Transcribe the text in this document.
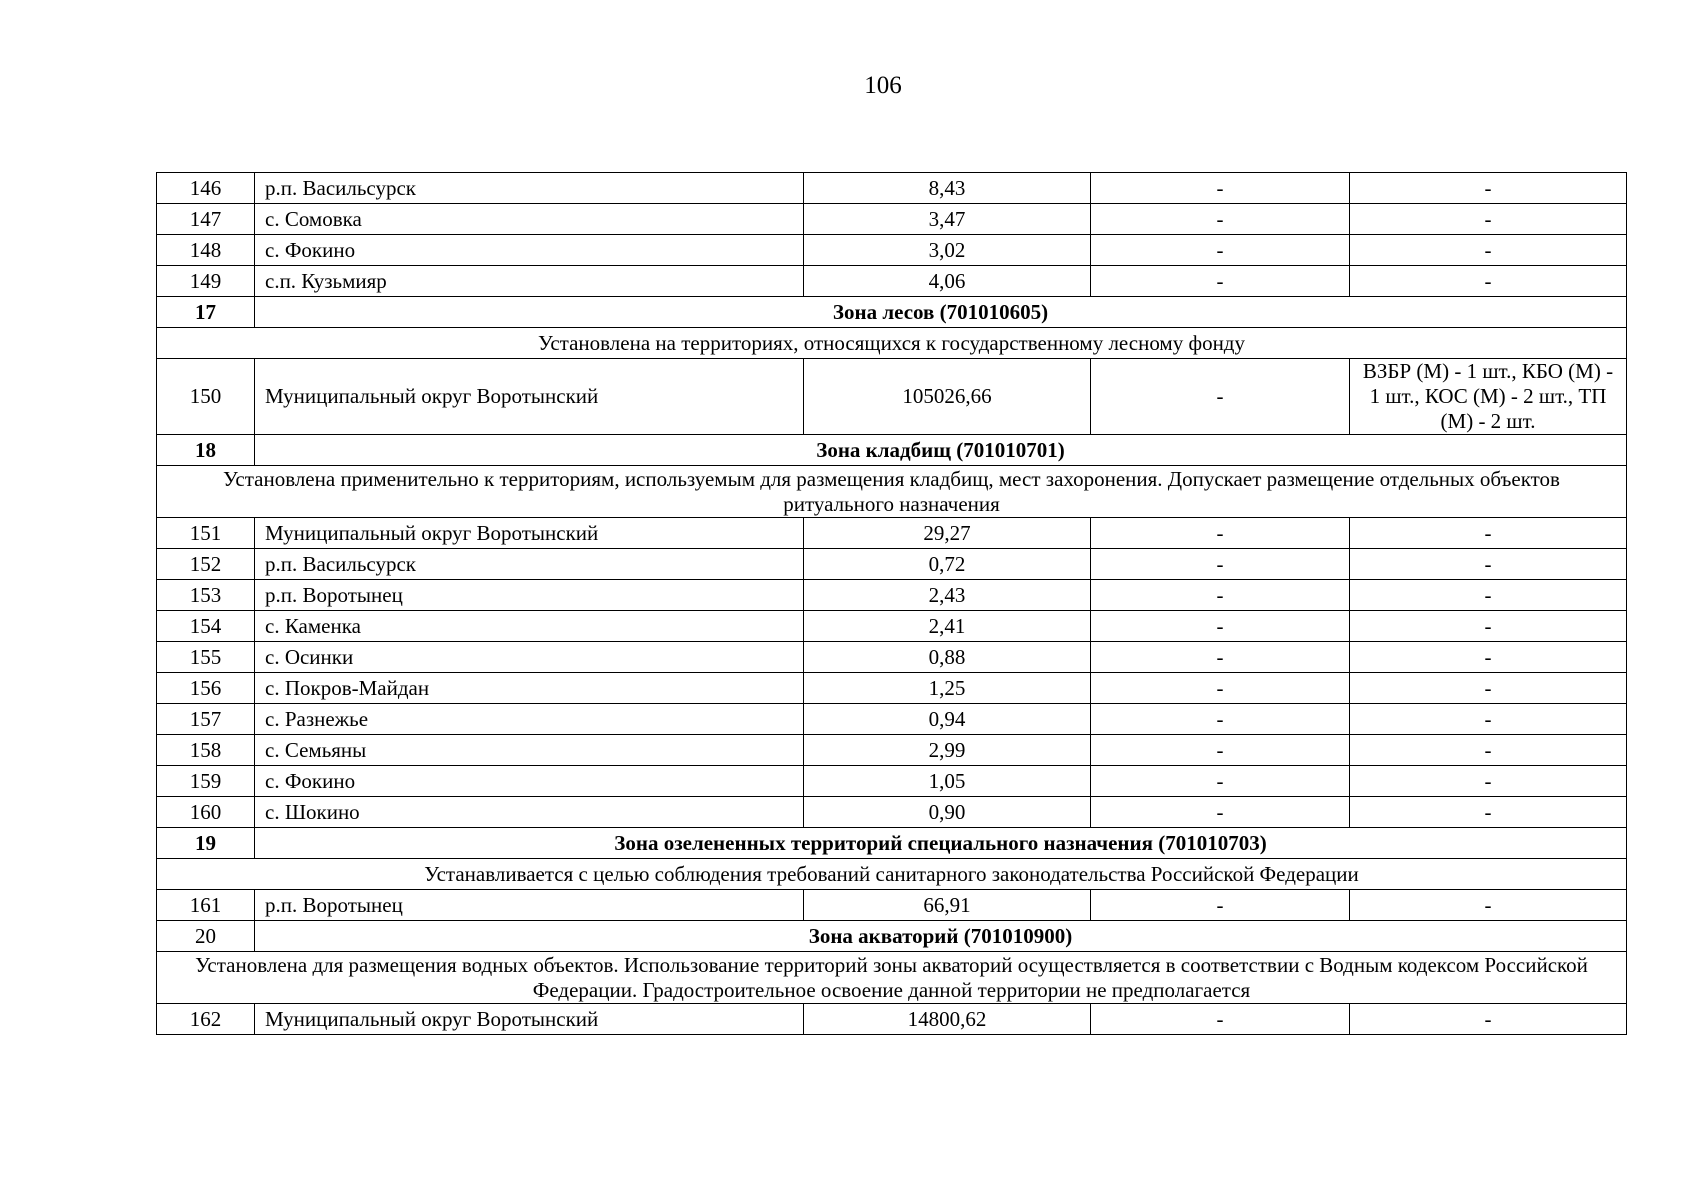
106
146	р.п. Васильсурск	8,43	-	-
147	с. Сомовка	3,47	-	-
148	с. Фокино	3,02	-	-
149	с.п. Кузьмияр	4,06	-	-
17	Зона лесов (701010605)			
Установлена на территориях, относящихся к государственному лесному фонду				
150	Муниципальный округ Воротынский	105026,66	-	ВЗБР (М) - 1 шт., КБО (М) - 1 шт., КОС (М) - 2 шт., ТП (М) - 2 шт.
18	Зона кладбищ (701010701)			
Установлена применительно к территориям, используемым для размещения кладбищ, мест захоронения. Допускает размещение отдельных объектов ритуального назначения				
151	Муниципальный округ Воротынский	29,27	-	-
152	р.п. Васильсурск	0,72	-	-
153	р.п. Воротынец	2,43	-	-
154	с. Каменка	2,41	-	-
155	с. Осинки	0,88	-	-
156	с. Покров-Майдан	1,25	-	-
157	с. Разнежье	0,94	-	-
158	с. Семьяны	2,99	-	-
159	с. Фокино	1,05	-	-
160	с. Шокино	0,90	-	-
19	Зона озелененных территорий специального назначения (701010703)			
Устанавливается с целью соблюдения требований санитарного законодательства Российской Федерации				
161	р.п. Воротынец	66,91	-	-
20	Зона акваторий (701010900)			
Установлена для размещения водных объектов. Использование территорий зоны акваторий осуществляется в соответствии с Водным кодексом Российской Федерации. Градостроительное освоение данной территории не предполагается				
162	Муниципальный округ Воротынский	14800,62	-	-
